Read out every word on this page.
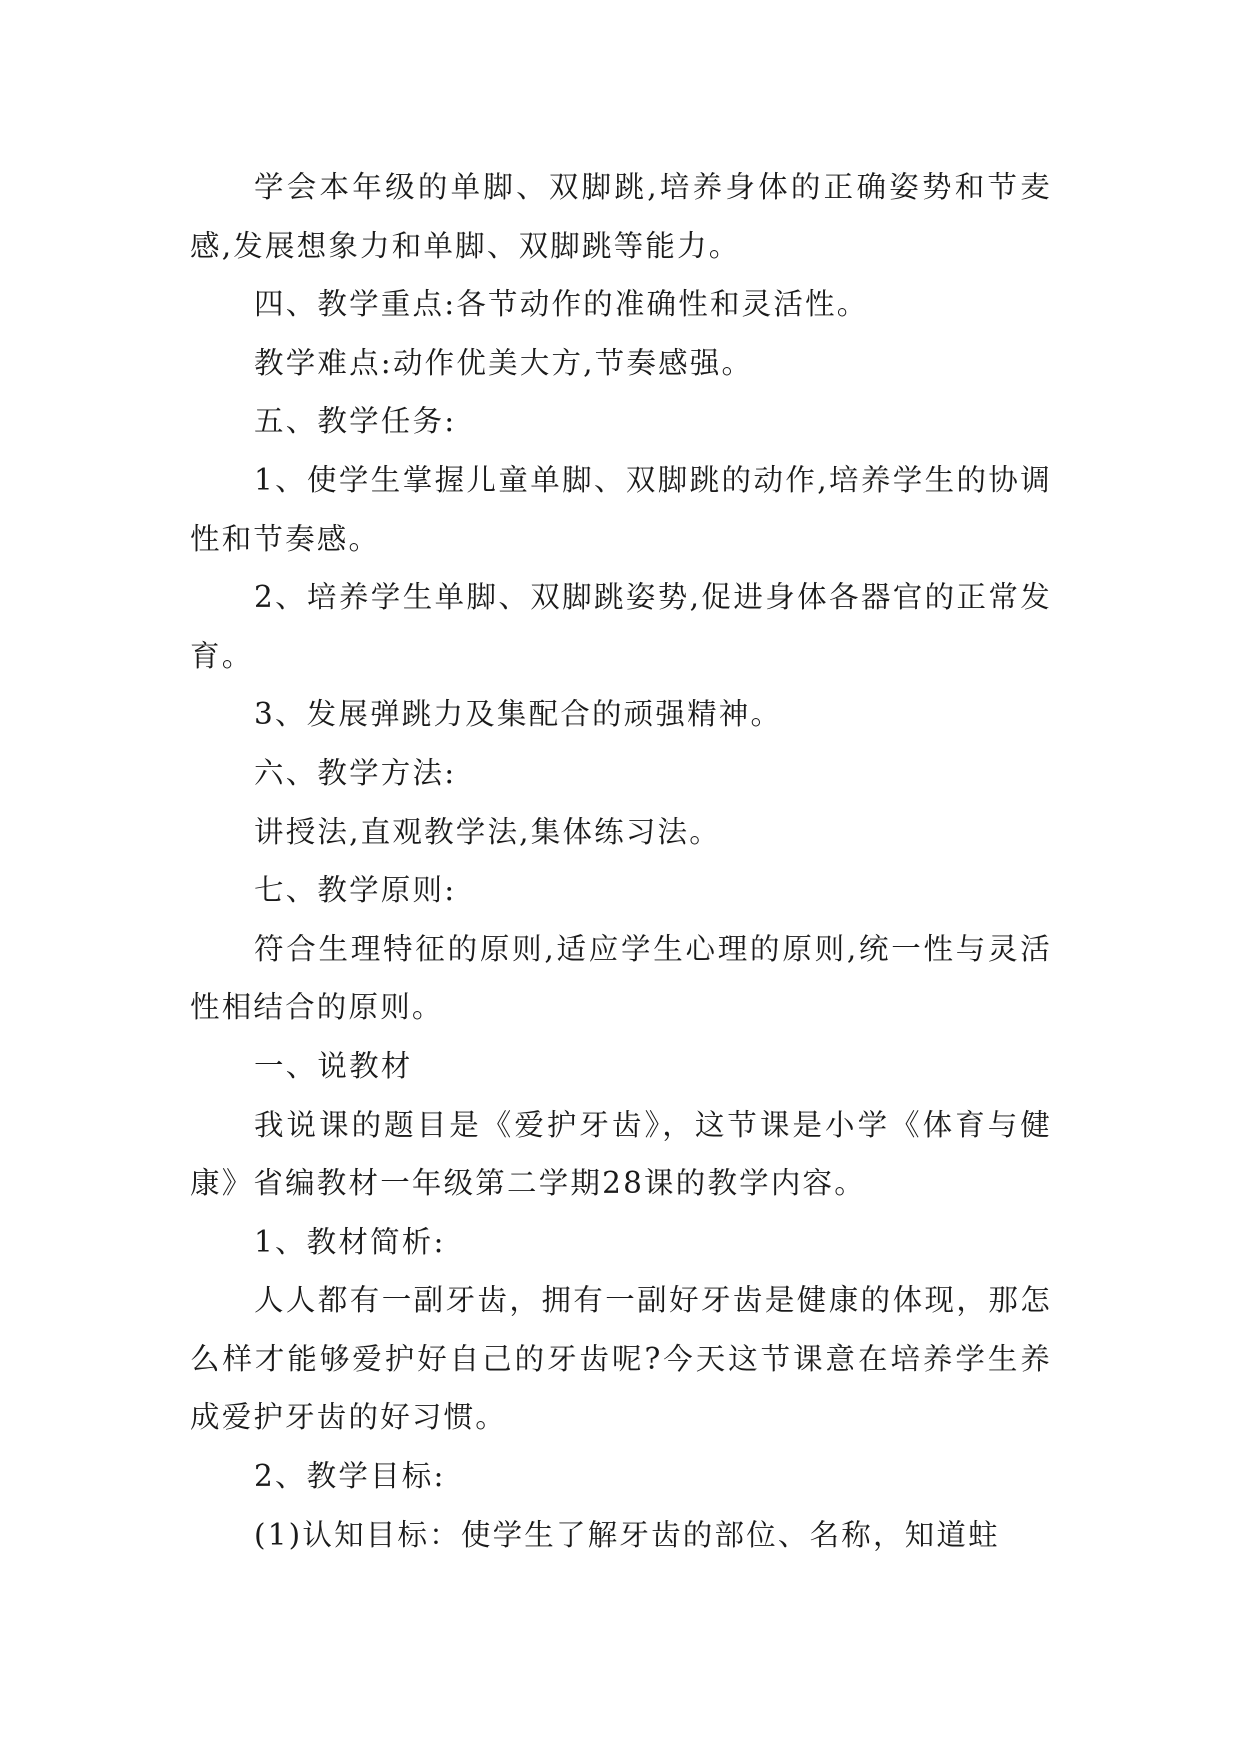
学会本年级的单脚、双脚跳,培养身体的正确姿势和节麦感,发展想象力和单脚、双脚跳等能力。

四、教学重点:各节动作的准确性和灵活性。

教学难点:动作优美大方,节奏感强。

五、教学任务:

1、使学生掌握儿童单脚、双脚跳的动作,培养学生的协调性和节奏感。

2、培养学生单脚、双脚跳姿势,促进身体各器官的正常发育。

3、发展弹跳力及集配合的顽强精神。

六、教学方法:

讲授法,直观教学法,集体练习法。

七、教学原则:

符合生理特征的原则,适应学生心理的原则,统一性与灵活性相结合的原则。

一、说教材

我说课的题目是《爱护牙齿》，这节课是小学《体育与健康》省编教材一年级第二学期28课的教学内容。

1、教材简析:

人人都有一副牙齿，拥有一副好牙齿是健康的体现，那怎么样才能够爱护好自己的牙齿呢?今天这节课意在培养学生养成爱护牙齿的好习惯。

2、教学目标:

(1)认知目标：使学生了解牙齿的部位、名称，知道蛀
